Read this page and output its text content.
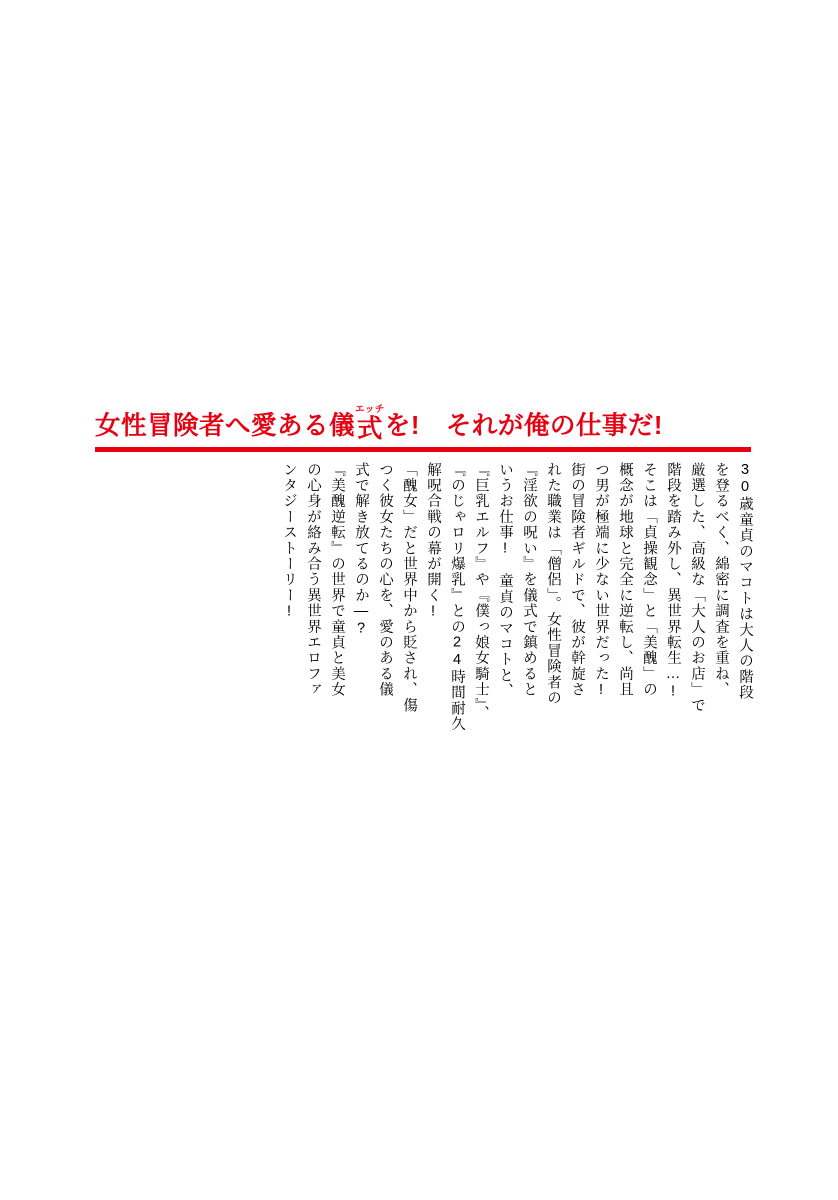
女性冒険者へ愛ある儀
エッチ
式 を! それが俺の仕事だ!
30歳童貞のマコトは大人の階段
を登るべく、綿密に調査を重ね、
厳選した、高級な「大人のお店」で
階段を踏み外し、異世界転生…!
そこは「貞操観念」と「美醜」の
概念が地球と完全に逆転し、尚且
つ男が極端に少ない世界だった!
街の冒険者ギルドで、彼が幹旋さ
れた職業は「僧侶」。女性冒険者の
『淫欲の呪い』を儀式で鎮めると
いうお仕事!　童貞のマコトと、
『巨乳エルフ』や『僕っ娘女騎士』、
『のじゃロリ爆乳』との24時間耐久
解呪合戦の幕が開く!
「醜女」だと世界中から貶され、傷
つく彼女たちの心を、愛のある儀
式で解き放てるのか―?
『美醜逆転』の世界で童貞と美女
の心身が絡み合う異世界エロファ
ンタジーストーリー!
